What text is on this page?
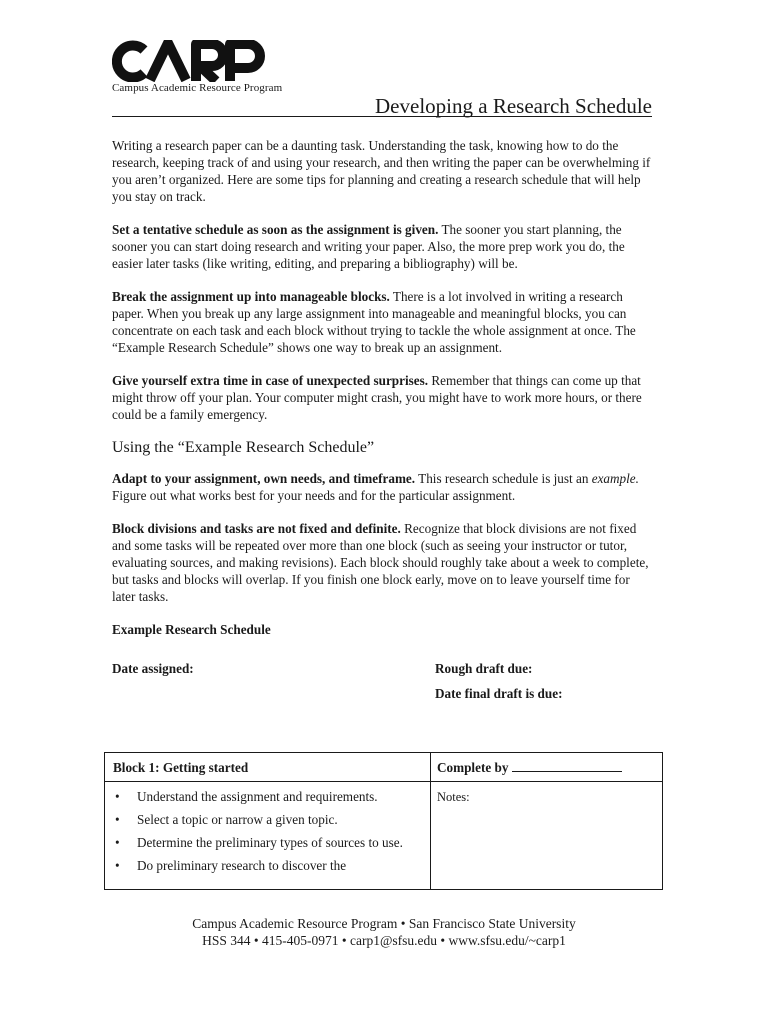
Campus Academic Resource Program
Developing a Research Schedule

Writing a research paper can be a daunting task. Understanding the task, knowing how to do the research, keeping track of and using your research, and then writing the paper can be overwhelming if you aren’t organized. Here are some tips for planning and creating a research schedule that will help you stay on track.

Set a tentative schedule as soon as the assignment is given. The sooner you start planning, the sooner you can start doing research and writing your paper. Also, the more prep work you do, the easier later tasks (like writing, editing, and preparing a bibliography) will be.

Break the assignment up into manageable blocks. There is a lot involved in writing a research paper. When you break up any large assignment into manageable and meaningful blocks, you can concentrate on each task and each block without trying to tackle the whole assignment at once. The “Example Research Schedule” shows one way to break up an assignment.

Give yourself extra time in case of unexpected surprises. Remember that things can come up that might throw off your plan. Your computer might crash, you might have to work more hours, or there could be a family emergency.

Using the “Example Research Schedule”

Adapt to your assignment, own needs, and timeframe. This research schedule is just an example. Figure out what works best for your needs and for the particular assignment.

Block divisions and tasks are not fixed and definite. Recognize that block divisions are not fixed and some tasks will be repeated over more than one block (such as seeing your instructor or tutor, evaluating sources, and making revisions). Each block should roughly take about a week to complete, but tasks and blocks will overlap. If you finish one block early, move on to leave yourself time for later tasks.

Example Research Schedule
Date assigned:	Rough draft due:
Date final draft is due:
Block 1: Getting started	Complete by
• Understand the assignment and requirements.
• Select a topic or narrow a given topic.
• Determine the preliminary types of sources to use.
• Do preliminary research to discover the
Notes:
Campus Academic Resource Program • San Francisco State University
HSS 344 • 415-405-0971 • carp1@sfsu.edu • www.sfsu.edu/~carp1
